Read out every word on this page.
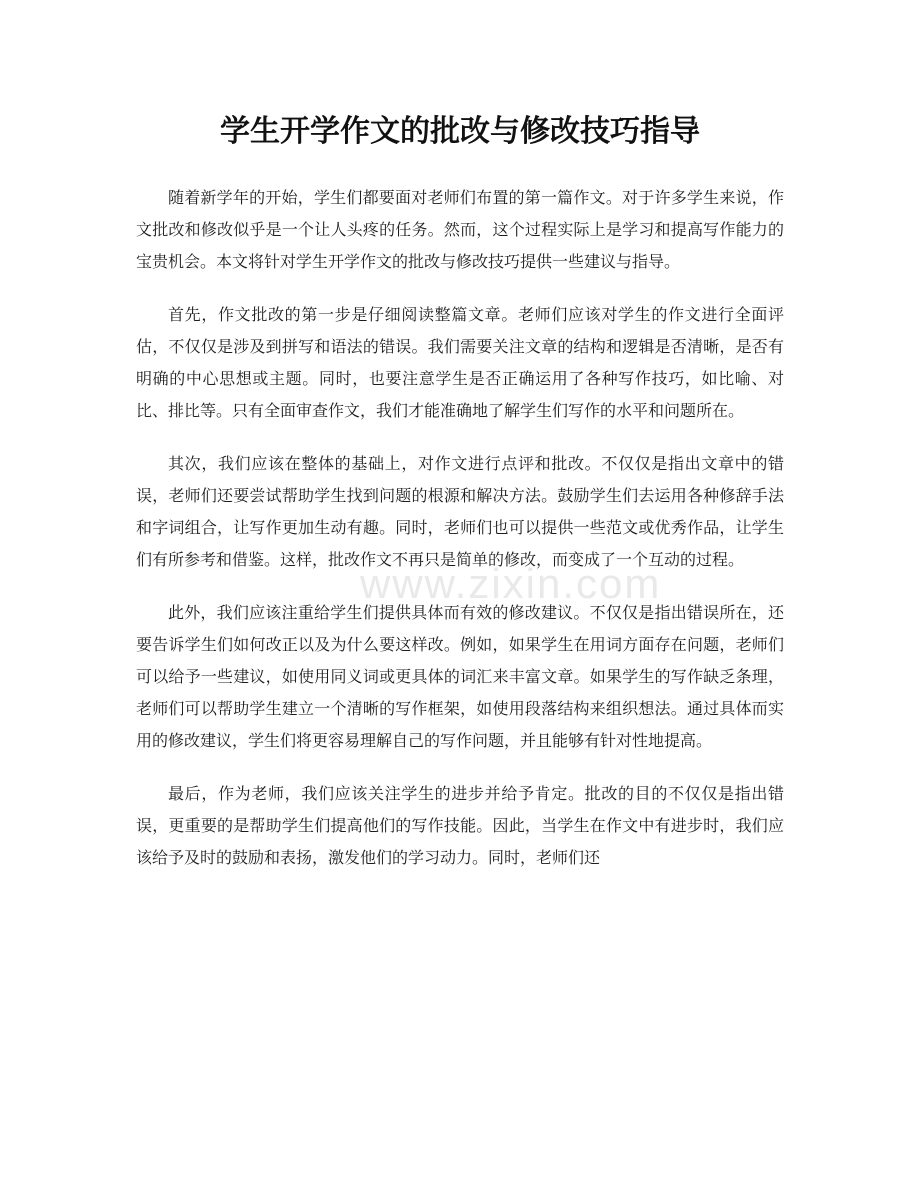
www.zixin.com
学生开学作文的批改与修改技巧指导

随着新学年的开始，学生们都要面对老师们布置的第一篇作文。对于许多学生来说，作文批改和修改似乎是一个让人头疼的任务。然而，这个过程实际上是学习和提高写作能力的宝贵机会。本文将针对学生开学作文的批改与修改技巧提供一些建议与指导。

首先，作文批改的第一步是仔细阅读整篇文章。老师们应该对学生的作文进行全面评估，不仅仅是涉及到拼写和语法的错误。我们需要关注文章的结构和逻辑是否清晰，是否有明确的中心思想或主题。同时，也要注意学生是否正确运用了各种写作技巧，如比喻、对比、排比等。只有全面审查作文，我们才能准确地了解学生们写作的水平和问题所在。

其次，我们应该在整体的基础上，对作文进行点评和批改。不仅仅是指出文章中的错误，老师们还要尝试帮助学生找到问题的根源和解决方法。鼓励学生们去运用各种修辞手法和字词组合，让写作更加生动有趣。同时，老师们也可以提供一些范文或优秀作品，让学生们有所参考和借鉴。这样，批改作文不再只是简单的修改，而变成了一个互动的过程。

此外，我们应该注重给学生们提供具体而有效的修改建议。不仅仅是指出错误所在，还要告诉学生们如何改正以及为什么要这样改。例如，如果学生在用词方面存在问题，老师们可以给予一些建议，如使用同义词或更具体的词汇来丰富文章。如果学生的写作缺乏条理，老师们可以帮助学生建立一个清晰的写作框架，如使用段落结构来组织想法。通过具体而实用的修改建议，学生们将更容易理解自己的写作问题，并且能够有针对性地提高。

最后，作为老师，我们应该关注学生的进步并给予肯定。批改的目的不仅仅是指出错误，更重要的是帮助学生们提高他们的写作技能。因此，当学生在作文中有进步时，我们应该给予及时的鼓励和表扬，激发他们的学习动力。同时，老师们还
